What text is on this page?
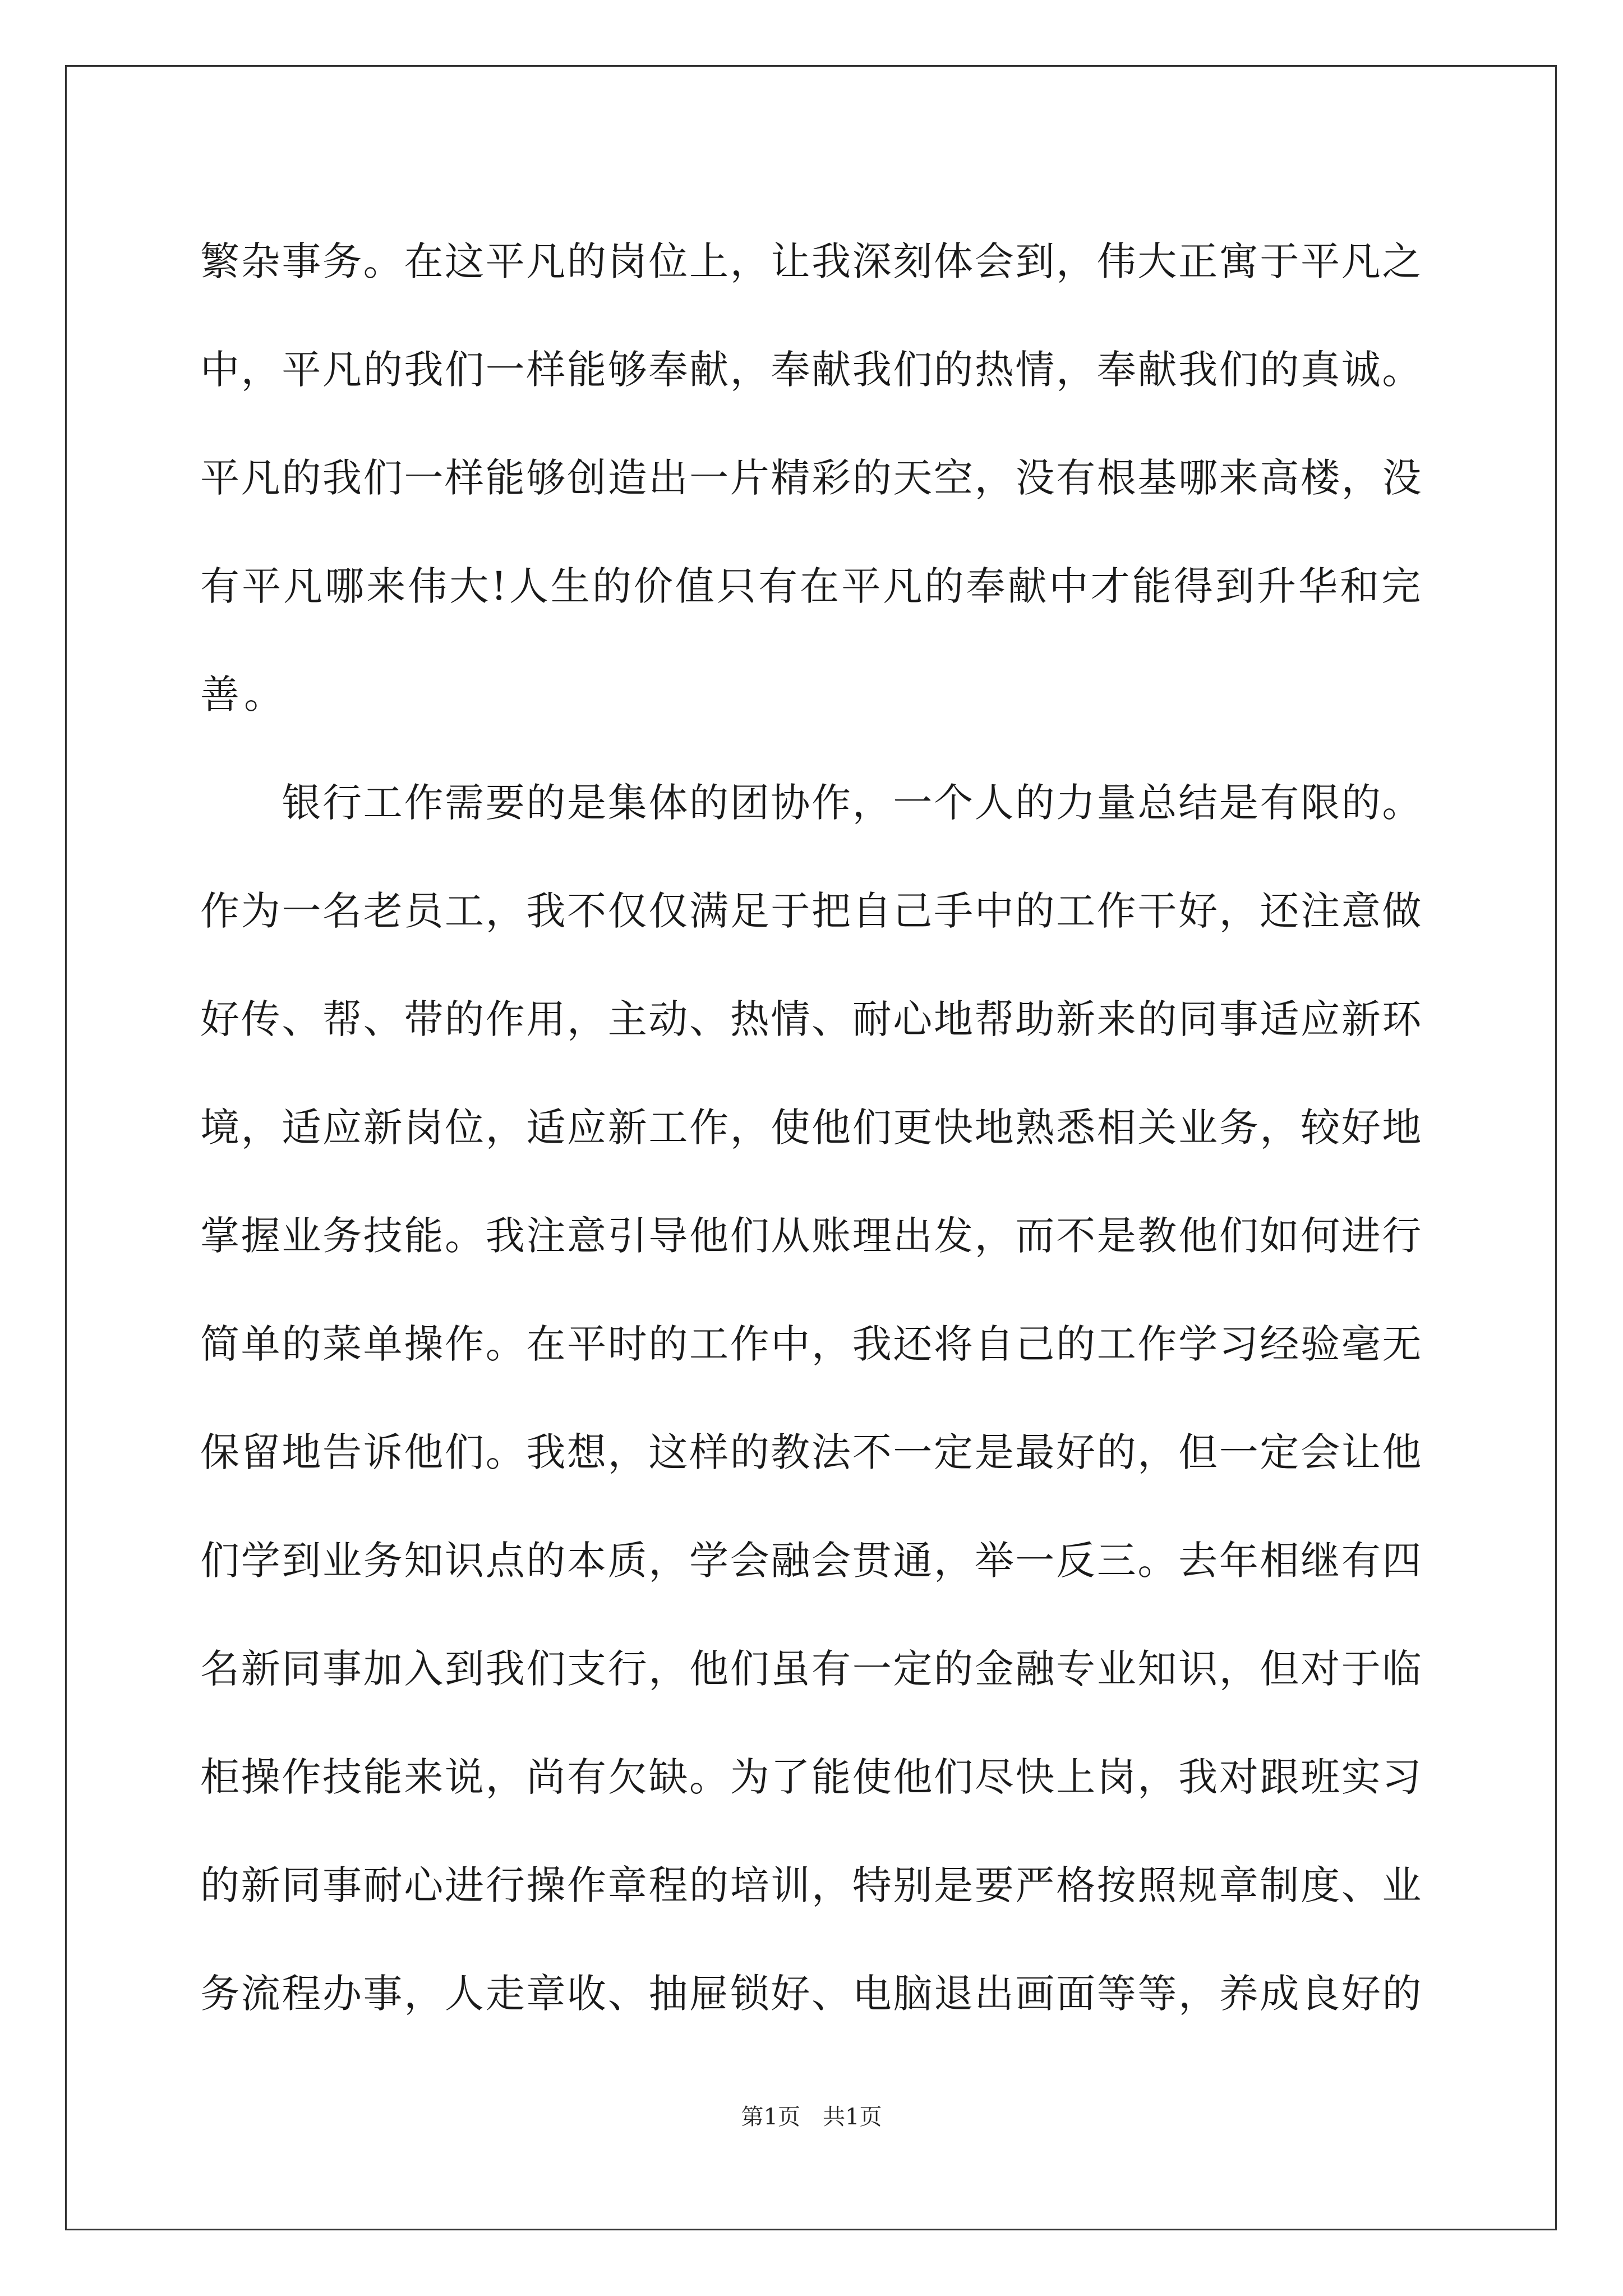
繁杂事务。在这平凡的岗位上，让我深刻体会到，伟大正寓于平凡之
中，平凡的我们一样能够奉献，奉献我们的热情，奉献我们的真诚。
平凡的我们一样能够创造出一片精彩的天空，没有根基哪来高楼，没
有平凡哪来伟大!人生的价值只有在平凡的奉献中才能得到升华和完
善。
　　银行工作需要的是集体的团协作，一个人的力量总结是有限的。
作为一名老员工，我不仅仅满足于把自己手中的工作干好，还注意做
好传、帮、带的作用，主动、热情、耐心地帮助新来的同事适应新环
境，适应新岗位，适应新工作，使他们更快地熟悉相关业务，较好地
掌握业务技能。我注意引导他们从账理出发，而不是教他们如何进行
简单的菜单操作。在平时的工作中，我还将自己的工作学习经验毫无
保留地告诉他们。我想，这样的教法不一定是最好的，但一定会让他
们学到业务知识点的本质，学会融会贯通，举一反三。去年相继有四
名新同事加入到我们支行，他们虽有一定的金融专业知识，但对于临
柜操作技能来说，尚有欠缺。为了能使他们尽快上岗，我对跟班实习
的新同事耐心进行操作章程的培训，特别是要严格按照规章制度、业
务流程办事，人走章收、抽屉锁好、电脑退出画面等等，养成良好的
第1页　共1页
